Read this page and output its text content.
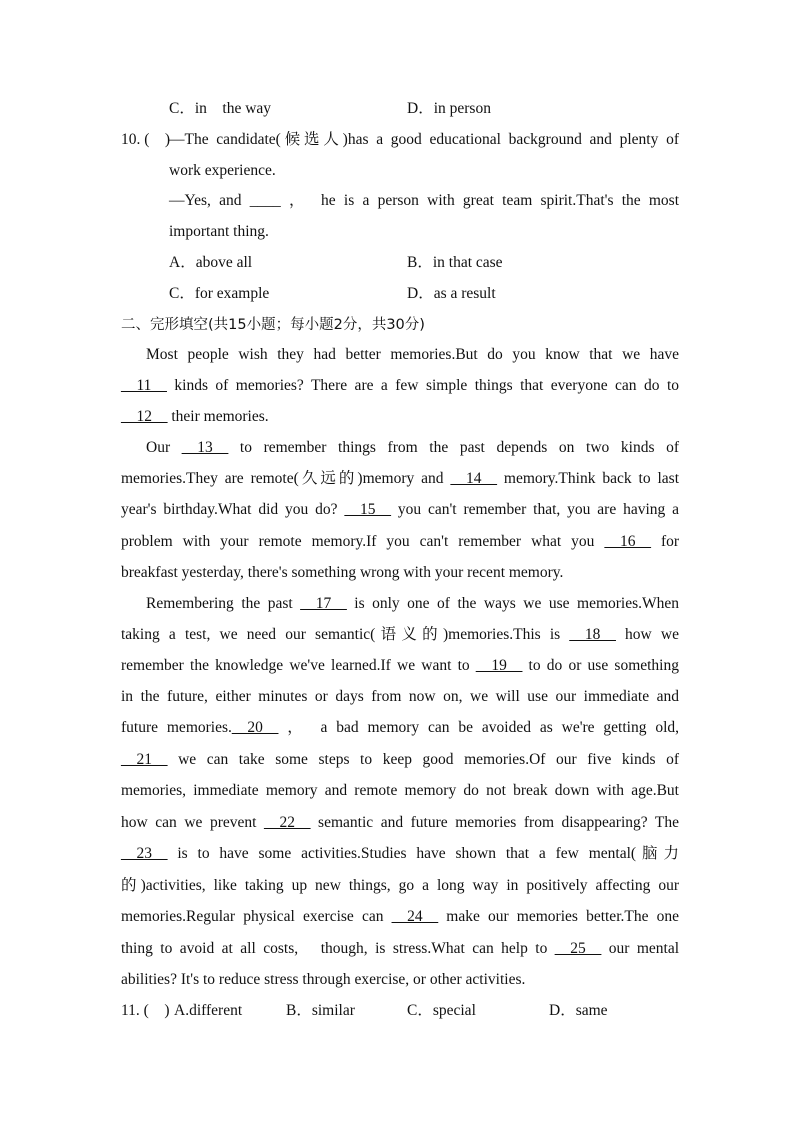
C．in　the way	D．in person
10. (　)
—The candidate(候选人)has a good educational background and plenty of
work experience.
—Yes, and ____ ，　he is a person with great team spirit.That's the most
important thing.
A．above all	B．in that case
C．for example	D．as a result
二、完形填空(共15小题；每小题2分，共30分)
Most people wish they had better memories.But do you know that we have
__11__ kinds of memories? There are a few simple things that everyone can do to
__12__ their memories.
Our __13__ to remember things from the past depends on two kinds of
memories.They are remote(久远的)memory and __14__ memory.Think back to last
year's birthday.What did you do? __15__ you can't remember that, you are having a
problem with your remote memory.If you can't remember what you __16__ for
breakfast yesterday, there's something wrong with your recent memory.
Remembering the past __17__ is only one of the ways we use memories.When
taking a test, we need our semantic(语义的)memories.This is __18__ how we
remember the knowledge we've learned.If we want to __19__ to do or use something
in the future, either minutes or days from now on, we will use our immediate and
future memories.__20__ ，　a bad memory can be avoided as we're getting old,
__21__ we can take some steps to keep good memories.Of our five kinds of
memories, immediate memory and remote memory do not break down with age.But
how can we prevent __22__ semantic and future memories from disappearing? The
__23__ is to have some activities.Studies have shown that a few mental(脑力
的)activities, like taking up new things, go a long way in positively affecting our
memories.Regular physical exercise can __24__ make our memories better.The one
thing to avoid at all costs,　though, is stress.What can help to __25__ our mental
abilities? It's to reduce stress through exercise, or other activities.
11. (　) A.different	B．similar	C．special	D．same
